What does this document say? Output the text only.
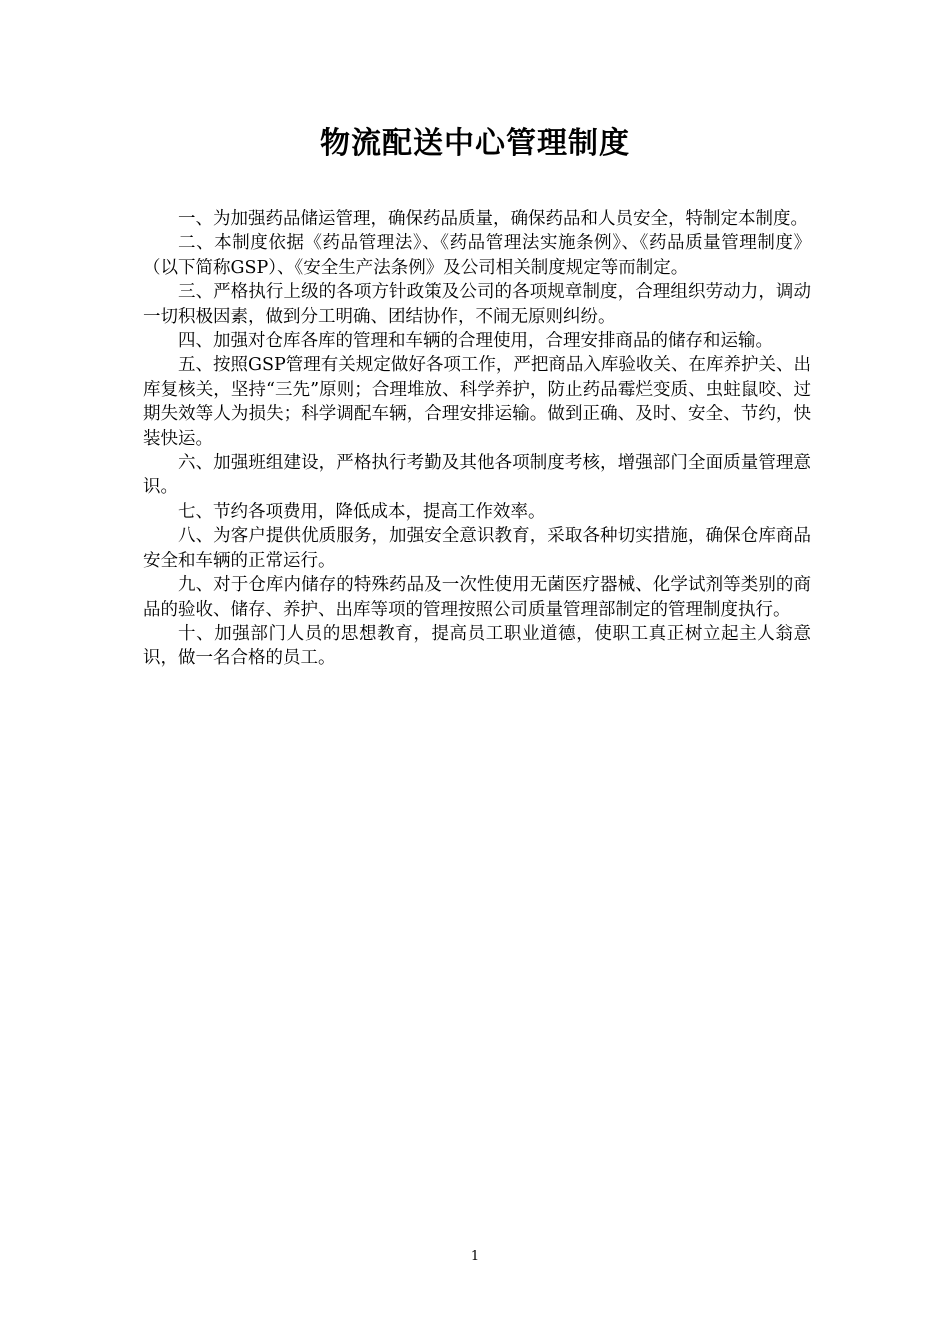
物流配送中心管理制度

一、为加强药品储运管理，确保药品质量，确保药品和人员安全，特制定本制度。

二、本制度依据《药品管理法》、《药品管理法实施条例》、《药品质量管理制度》（以下简称GSP）、《安全生产法条例》及公司相关制度规定等而制定。

三、严格执行上级的各项方针政策及公司的各项规章制度，合理组织劳动力，调动一切积极因素，做到分工明确、团结协作，不闹无原则纠纷。

四、加强对仓库各库的管理和车辆的合理使用，合理安排商品的储存和运输。

五、按照GSP管理有关规定做好各项工作，严把商品入库验收关、在库养护关、出库复核关，坚持“三先”原则；合理堆放、科学养护，防止药品霉烂变质、虫蛀鼠咬、过期失效等人为损失；科学调配车辆，合理安排运输。做到正确、及时、安全、节约，快装快运。

六、加强班组建设，严格执行考勤及其他各项制度考核，增强部门全面质量管理意识。

七、节约各项费用，降低成本，提高工作效率。

八、为客户提供优质服务，加强安全意识教育，采取各种切实措施，确保仓库商品安全和车辆的正常运行。

九、对于仓库内储存的特殊药品及一次性使用无菌医疗器械、化学试剂等类别的商品的验收、储存、养护、出库等项的管理按照公司质量管理部制定的管理制度执行。

十、加强部门人员的思想教育，提高员工职业道德，使职工真正树立起主人翁意识，做一名合格的员工。

1
